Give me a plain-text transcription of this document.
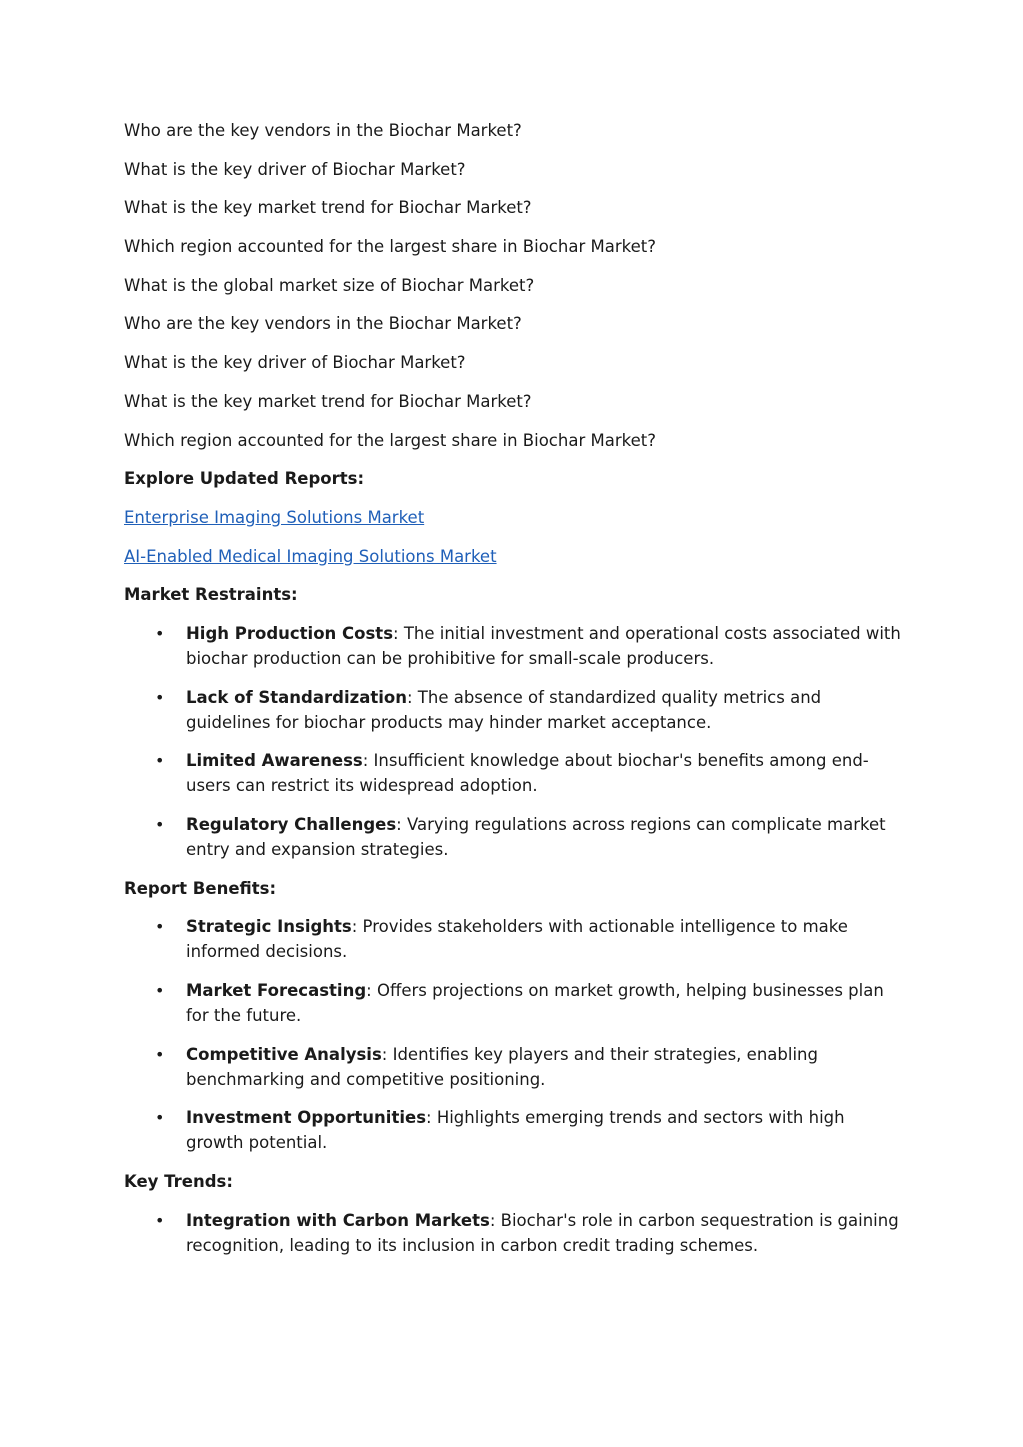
Who are the key vendors in the Biochar Market?

What is the key driver of Biochar Market?

What is the key market trend for Biochar Market?

Which region accounted for the largest share in Biochar Market?

What is the global market size of Biochar Market?

Who are the key vendors in the Biochar Market?

What is the key driver of Biochar Market?

What is the key market trend for Biochar Market?

Which region accounted for the largest share in Biochar Market?

Explore Updated Reports:

Enterprise Imaging Solutions Market

AI-Enabled Medical Imaging Solutions Market

Market Restraints:

• High Production Costs: The initial investment and operational costs associated with biochar production can be prohibitive for small-scale producers.
• Lack of Standardization: The absence of standardized quality metrics and guidelines for biochar products may hinder market acceptance.
• Limited Awareness: Insufficient knowledge about biochar's benefits among end-users can restrict its widespread adoption.
• Regulatory Challenges: Varying regulations across regions can complicate market entry and expansion strategies.

Report Benefits:

• Strategic Insights: Provides stakeholders with actionable intelligence to make informed decisions.
• Market Forecasting: Offers projections on market growth, helping businesses plan for the future.
• Competitive Analysis: Identifies key players and their strategies, enabling benchmarking and competitive positioning.
• Investment Opportunities: Highlights emerging trends and sectors with high growth potential.

Key Trends:

• Integration with Carbon Markets: Biochar's role in carbon sequestration is gaining recognition, leading to its inclusion in carbon credit trading schemes.
